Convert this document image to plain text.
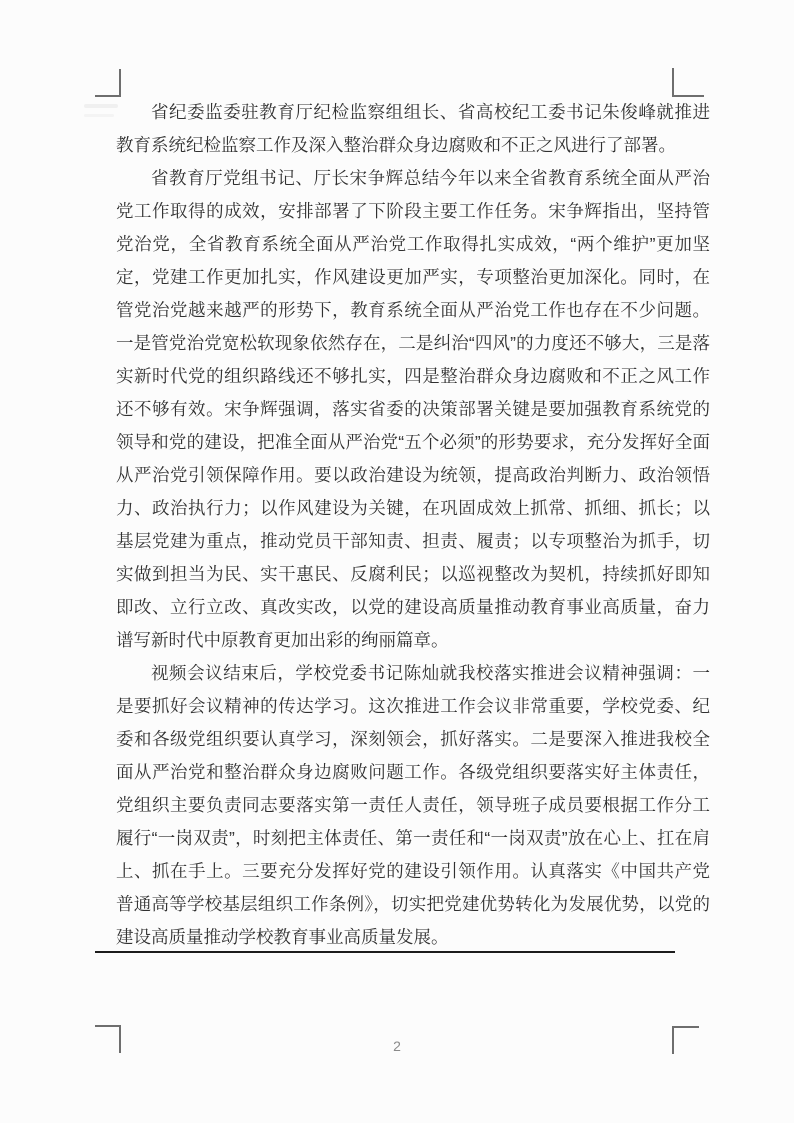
省纪委监委驻教育厅纪检监察组组长、省高校纪工委书记朱俊峰就推进教育系统纪检监察工作及深入整治群众身边腐败和不正之风进行了部署。

省教育厅党组书记、厅长宋争辉总结今年以来全省教育系统全面从严治党工作取得的成效，安排部署了下阶段主要工作任务。宋争辉指出，坚持管党治党，全省教育系统全面从严治党工作取得扎实成效，“两个维护”更加坚定，党建工作更加扎实，作风建设更加严实，专项整治更加深化。同时，在管党治党越来越严的形势下，教育系统全面从严治党工作也存在不少问题。一是管党治党宽松软现象依然存在，二是纠治“四风”的力度还不够大，三是落实新时代党的组织路线还不够扎实，四是整治群众身边腐败和不正之风工作还不够有效。宋争辉强调，落实省委的决策部署关键是要加强教育系统党的领导和党的建设，把准全面从严治党“五个必须”的形势要求，充分发挥好全面从严治党引领保障作用。要以政治建设为统领，提高政治判断力、政治领悟力、政治执行力；以作风建设为关键，在巩固成效上抓常、抓细、抓长；以基层党建为重点，推动党员干部知责、担责、履责；以专项整治为抓手，切实做到担当为民、实干惠民、反腐利民；以巡视整改为契机，持续抓好即知即改、立行立改、真改实改，以党的建设高质量推动教育事业高质量，奋力谱写新时代中原教育更加出彩的绚丽篇章。

视频会议结束后，学校党委书记陈灿就我校落实推进会议精神强调：一是要抓好会议精神的传达学习。这次推进工作会议非常重要，学校党委、纪委和各级党组织要认真学习，深刻领会，抓好落实。二是要深入推进我校全面从严治党和整治群众身边腐败问题工作。各级党组织要落实好主体责任，党组织主要负责同志要落实第一责任人责任，领导班子成员要根据工作分工履行“一岗双责”，时刻把主体责任、第一责任和“一岗双责”放在心上、扛在肩上、抓在手上。三要充分发挥好党的建设引领作用。认真落实《中国共产党普通高等学校基层组织工作条例》，切实把党建优势转化为发展优势，以党的建设高质量推动学校教育事业高质量发展。

2
